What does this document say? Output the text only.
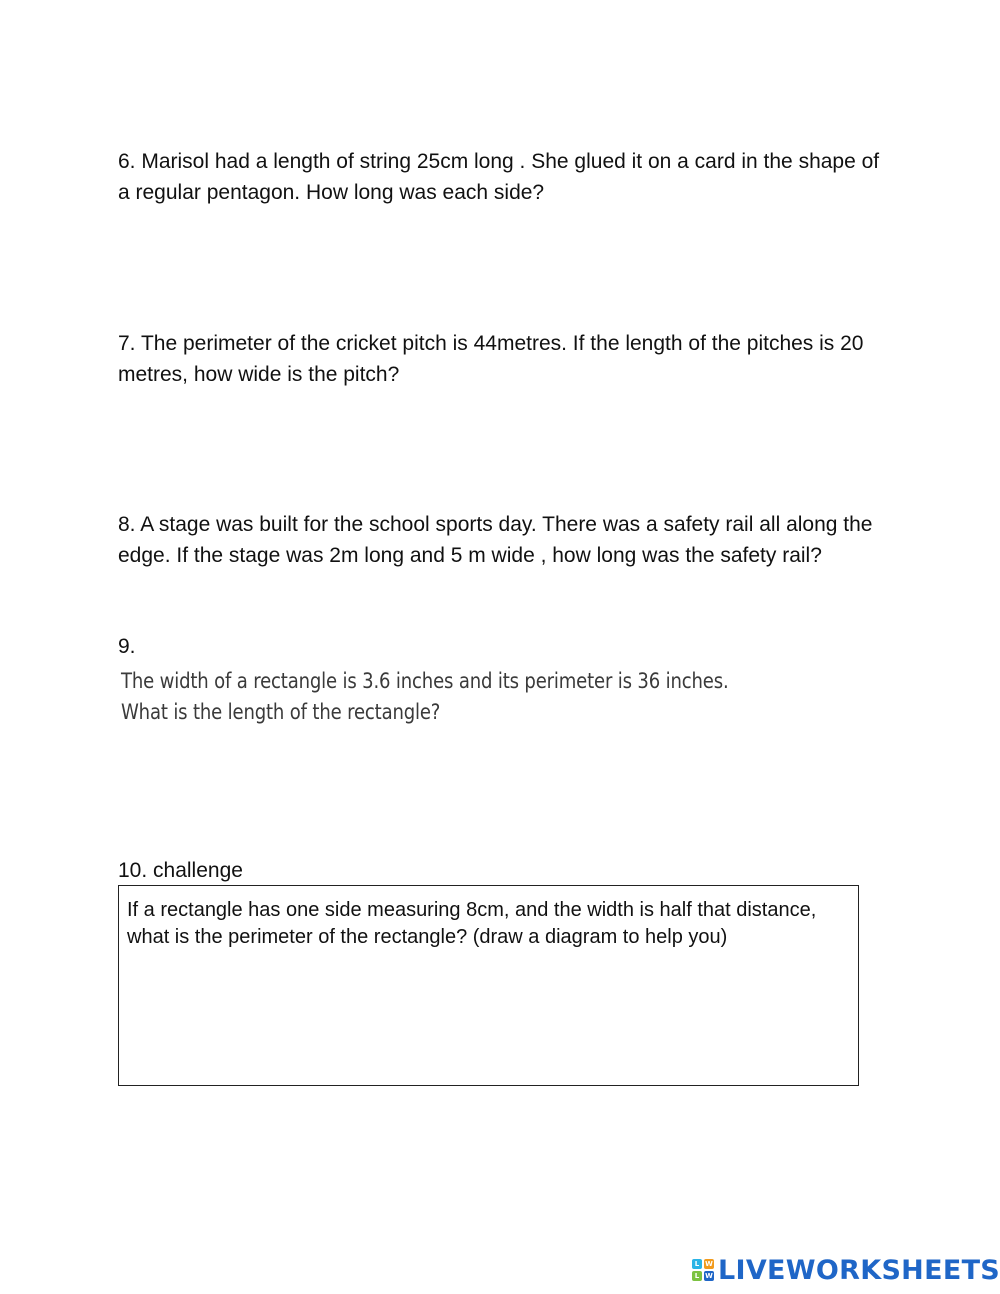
6. Marisol had a length of string 25cm long . She glued it on a card in the shape of a regular pentagon. How long was each side?

7. The perimeter of the cricket pitch is 44metres. If the length of the pitches is 20 metres, how wide is the pitch?

8. A stage was built for the school sports day. There was a safety rail all along the edge. If the stage was 2m long and 5 m wide , how long was the safety rail?

9.

The width of a rectangle is 3.6 inches and its perimeter is 36 inches. What is the length of the rectangle?

10. challenge

If a rectangle has one side measuring 8cm, and the width is half that distance, what is the perimeter of the rectangle? (draw a diagram to help you)
L W
L W LIVEWORKSHEETS
